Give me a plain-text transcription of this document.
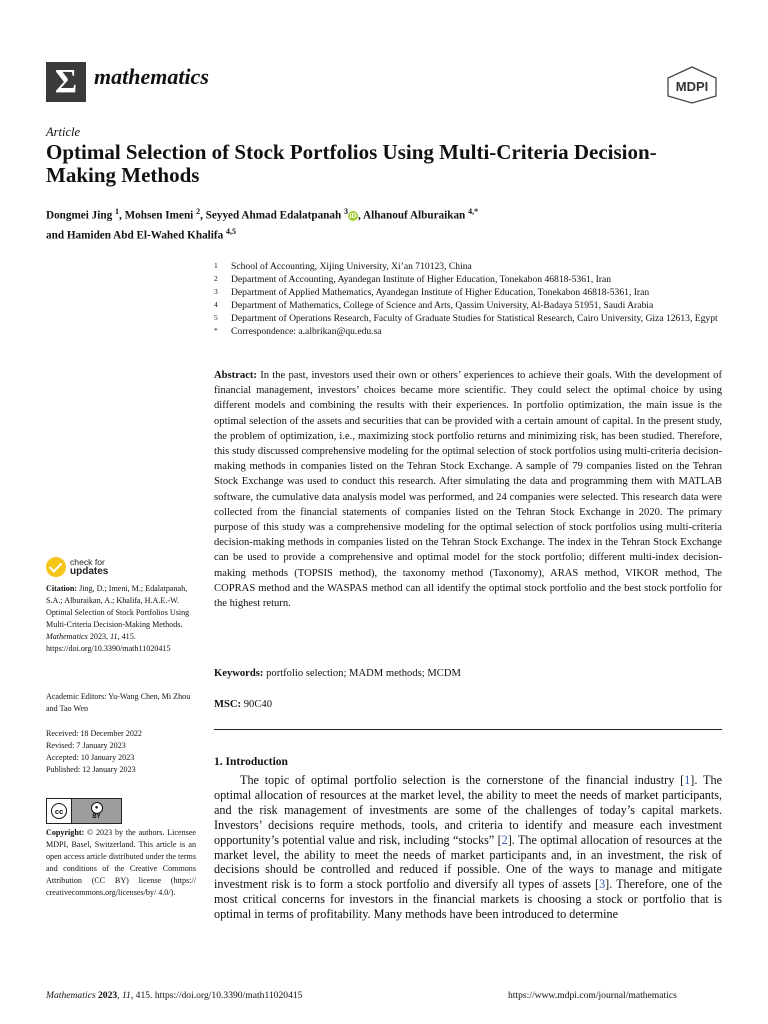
Σ mathematics	MDPI
Article
Optimal Selection of Stock Portfolios Using Multi-Criteria Decision-Making Methods
Dongmei Jing $^1$, Mohsen Imeni $^2$, Seyyed Ahmad Edalatpanah $^3$ iD , Alhanouf Alburaikan $^{4,*}$
and Hamiden Abd El-Wahed Khalifa $^{4,5}$
1	School of Accounting, Xijing University, Xi’an 710123, China
2	Department of Accounting, Ayandegan Institute of Higher Education, Tonekabon 46818-5361, Iran
3	Department of Applied Mathematics, Ayandegan Institute of Higher Education, Tonekabon 46818-5361, Iran
4	Department of Mathematics, College of Science and Arts, Qassim University, Al-Badaya 51951, Saudi Arabia
5	Department of Operations Research, Faculty of Graduate Studies for Statistical Research, Cairo University, Giza 12613, Egypt
*	Correspondence: a.albrikan@qu.edu.sa
Abstract: In the past, investors used their own or others’ experiences to achieve their goals. With the development of financial management, investors’ choices became more scientific. They could select the optimal choice by using different models and combining the results with their experiences. In portfolio optimization, the main issue is the optimal selection of the assets and securities that can be provided with a certain amount of capital. In the present study, the problem of optimization, i.e., maximizing stock portfolio returns and minimizing risk, has been studied. Therefore, this study discussed comprehensive modeling for the optimal selection of stock portfolios using multi-criteria decision-making methods in companies listed on the Tehran Stock Exchange. A sample of 79 companies listed on the Tehran Stock Exchange was used to conduct this research. After simulating the data and programming them with MATLAB software, the cumulative data analysis model was performed, and 24 companies were selected. This research data were collected from the financial statements of companies listed on the Tehran Stock Exchange in 2020. The primary purpose of this study was a comprehensive modeling for the optimal selection of stock portfolios using multi-criteria decision-making methods in companies listed on the Tehran Stock Exchange. The index in the Tehran Stock Exchange can be used to provide a comprehensive and optimal model for the stock portfolio; different multi-index decision-making methods (TOPSIS method), the taxonomy method (Taxonomy), ARAS method, VIKOR method, The COPRAS method and the WASPAS method can all identify the optimal stock portfolio and the best stock portfolio for the highest return.
Keywords: portfolio selection; MADM methods; MCDM
MSC: 90C40
1. Introduction

The topic of optimal portfolio selection is the cornerstone of the financial industry [1]. The optimal allocation of resources at the market level, the ability to meet the needs of market participants, and the risk management of investments are some of the challenges of today’s capital markets. Investors’ decisions require methods, tools, and criteria to identify and measure each investment opportunity’s potential value and risk, including “stocks” [2]. The optimal allocation of resources at the market level, the ability to meet the needs of market participants and, in an investment, the risk of decisions should be controlled and reduced if possible. One of the ways to manage and mitigate investment risk is to form a stock portfolio and diversify all types of assets [3]. Therefore, one of the most critical concerns for investors in the financial markets is choosing a stock or portfolio that is optimal in terms of profitability. Many methods have been introduced to determine

check for
updates
Citation: Jing, D.; Imeni, M.; Edalatpanah, S.A.; Alburaikan, A.; Khalifa, H.A.E.-W. Optimal Selection of Stock Portfolios Using Multi-Criteria Decision-Making Methods. Mathematics 2023, 11, 415. https://doi.org/10.3390/math11020415
Academic Editors: Yu-Wang Chen, Mi Zhou and Tao Wen
Received: 18 December 2022
Revised: 7 January 2023
Accepted: 10 January 2023
Published: 12 January 2023
cc	●
BY
Copyright: © 2023 by the authors. Licensee MDPI, Basel, Switzerland. This article is an open access article distributed under the terms and conditions of the Creative Commons Attribution (CC BY) license (https:// creativecommons.org/licenses/by/ 4.0/).
Mathematics 2023, 11, 415. https://doi.org/10.3390/math11020415	https://www.mdpi.com/journal/mathematics
